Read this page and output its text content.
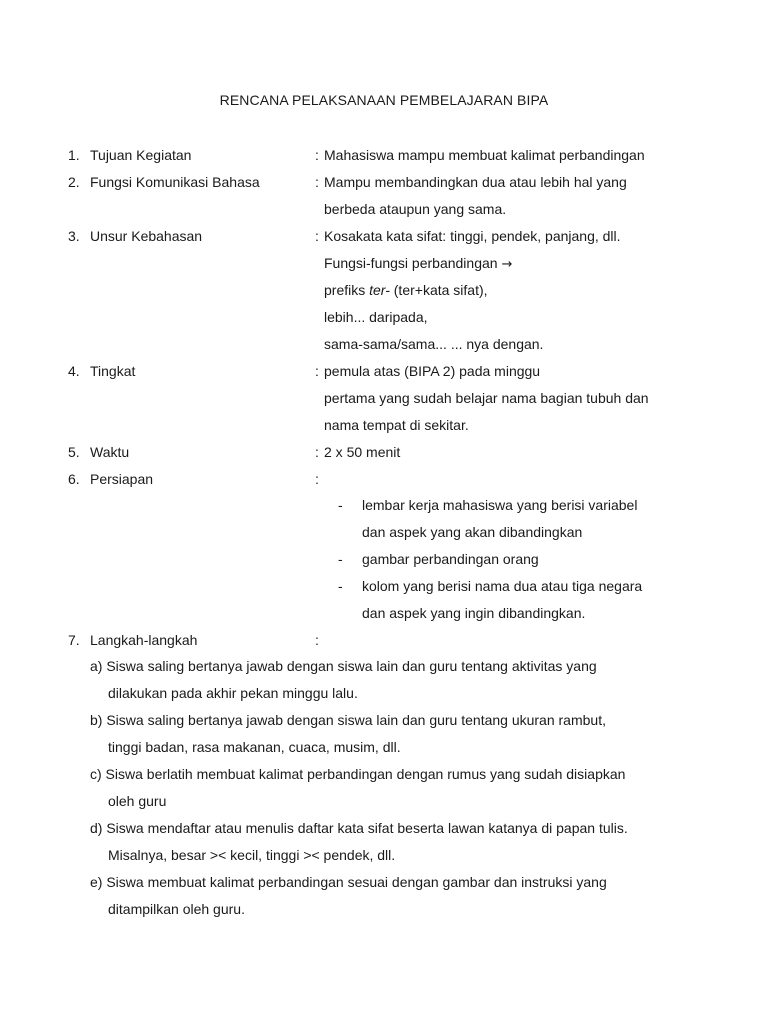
RENCANA PELAKSANAAN PEMBELAJARAN BIPA
1. Tujuan Kegiatan	: Mahasiswa mampu membuat kalimat perbandingan
2. Fungsi Komunikasi Bahasa	: Mampu membandingkan dua atau lebih hal yang
berbeda ataupun yang sama.
3. Unsur Kebahasan	: Kosakata kata sifat: tinggi, pendek, panjang, dll.
Fungsi-fungsi perbandingan →
prefiks ter- (ter+kata sifat),
lebih... daripada,
sama-sama/sama... ... nya dengan.
4. Tingkat	: pemula atas (BIPA 2) pada minggu
pertama yang sudah belajar nama bagian tubuh dan
nama tempat di sekitar.
5. Waktu	: 2 x 50 menit
6. Persiapan	:
- lembar kerja mahasiswa yang berisi variabel
dan aspek yang akan dibandingkan
- gambar perbandingan orang
- kolom yang berisi nama dua atau tiga negara
dan aspek yang ingin dibandingkan.
7. Langkah-langkah	:
a) Siswa saling bertanya jawab dengan siswa lain dan guru tentang aktivitas yang
dilakukan pada akhir pekan minggu lalu.
b) Siswa saling bertanya jawab dengan siswa lain dan guru tentang ukuran rambut,
tinggi badan, rasa makanan, cuaca, musim, dll.
c) Siswa berlatih membuat kalimat perbandingan dengan rumus yang sudah disiapkan
oleh guru
d) Siswa mendaftar atau menulis daftar kata sifat beserta lawan katanya di papan tulis.
Misalnya, besar >< kecil, tinggi >< pendek, dll.
e) Siswa membuat kalimat perbandingan sesuai dengan gambar dan instruksi yang
ditampilkan oleh guru.
